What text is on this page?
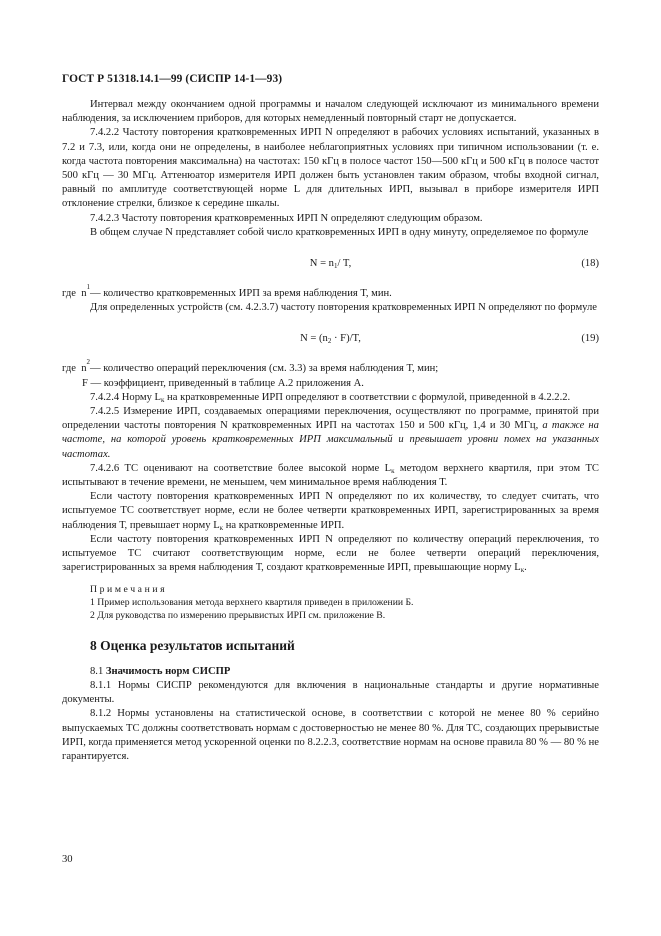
ГОСТ Р 51318.14.1—99 (СИСПР 14-1—93)

Интервал между окончанием одной программы и началом следующей исключают из минимального времени наблюдения, за исключением приборов, для которых немедленный повторный старт не допускается.

7.4.2.2 Частоту повторения кратковременных ИРП N определяют в рабочих условиях испытаний, указанных в 7.2 и 7.3, или, когда они не определены, в наиболее неблагоприятных условиях при типичном использовании (т. е. когда частота повторения максимальна) на частотах: 150 кГц в полосе частот 150—500 кГц и 500 кГц в полосе частот 500 кГц — 30 МГц. Аттенюатор измерителя ИРП должен быть установлен таким образом, чтобы входной сигнал, равный по амплитуде соответствующей норме L для длительных ИРП, вызывал в приборе измерителя ИРП отклонение стрелки, близкое к середине шкалы.

7.4.2.3 Частоту повторения кратковременных ИРП N определяют следующим образом.

В общем случае N представляет собой число кратковременных ИРП в одну минуту, определяемое по формуле

$N = n_1/$ T,	(18)
где  n
1
— количество кратковременных ИРП за время наблюдения Т, мин.

Для определенных устройств (см. 4.2.3.7) частоту повторения кратковременных ИРП N определяют по формуле

$N = (n_2 \cdot F)/T$,	(19)
где  n
2
— количество операций переключения (см. 3.3) за время наблюдения Т, мин;
F — коэффициент, приведенный в таблице А.2 приложения А.

7.4.2.4 Норму $L_к$ на кратковременные ИРП определяют в соответствии с формулой, приведенной в 4.2.2.2.

7.4.2.5 Измерение ИРП, создаваемых операциями переключения, осуществляют по программе, принятой при определении частоты повторения N кратковременных ИРП на частотах 150 и 500 кГц, 1,4 и 30 МГц, а также на частоте, на которой уровень кратковременных ИРП максимальный и превышает уровни помех на указанных частотах.

7.4.2.6 ТС оценивают на соответствие более высокой норме $L_к$ методом верхнего квартиля, при этом ТС испытывают в течение времени, не меньшем, чем минимальное время наблюдения Т.

Если частоту повторения кратковременных ИРП N определяют по их количеству, то следует считать, что испытуемое ТС соответствует норме, если не более четверти кратковременных ИРП, зарегистрированных за время наблюдения Т, превышает норму $L_к$ на кратковременные ИРП.

Если частоту повторения кратковременных ИРП N определяют по количеству операций переключения, то испытуемое ТС считают соответствующим норме, если не более четверти операций переключения, зарегистрированных за время наблюдения Т, создают кратковременные ИРП, превышающие норму $L_к$.

Примечания
1 Пример использования метода верхнего квартиля приведен в приложении Б.
2 Для руководства по измерению прерывистых ИРП см. приложение В.
8 Оценка результатов испытаний

8.1 Значимость норм СИСПР

8.1.1 Нормы СИСПР рекомендуются для включения в национальные стандарты и другие нормативные документы.

8.1.2 Нормы установлены на статистической основе, в соответствии с которой не менее 80 % серийно выпускаемых ТС должны соответствовать нормам с достоверностью не менее 80 %. Для ТС, создающих прерывистые ИРП, когда применяется метод ускоренной оценки по 8.2.2.3, соответствие нормам на основе правила 80 % — 80 % не гарантируется.

30
